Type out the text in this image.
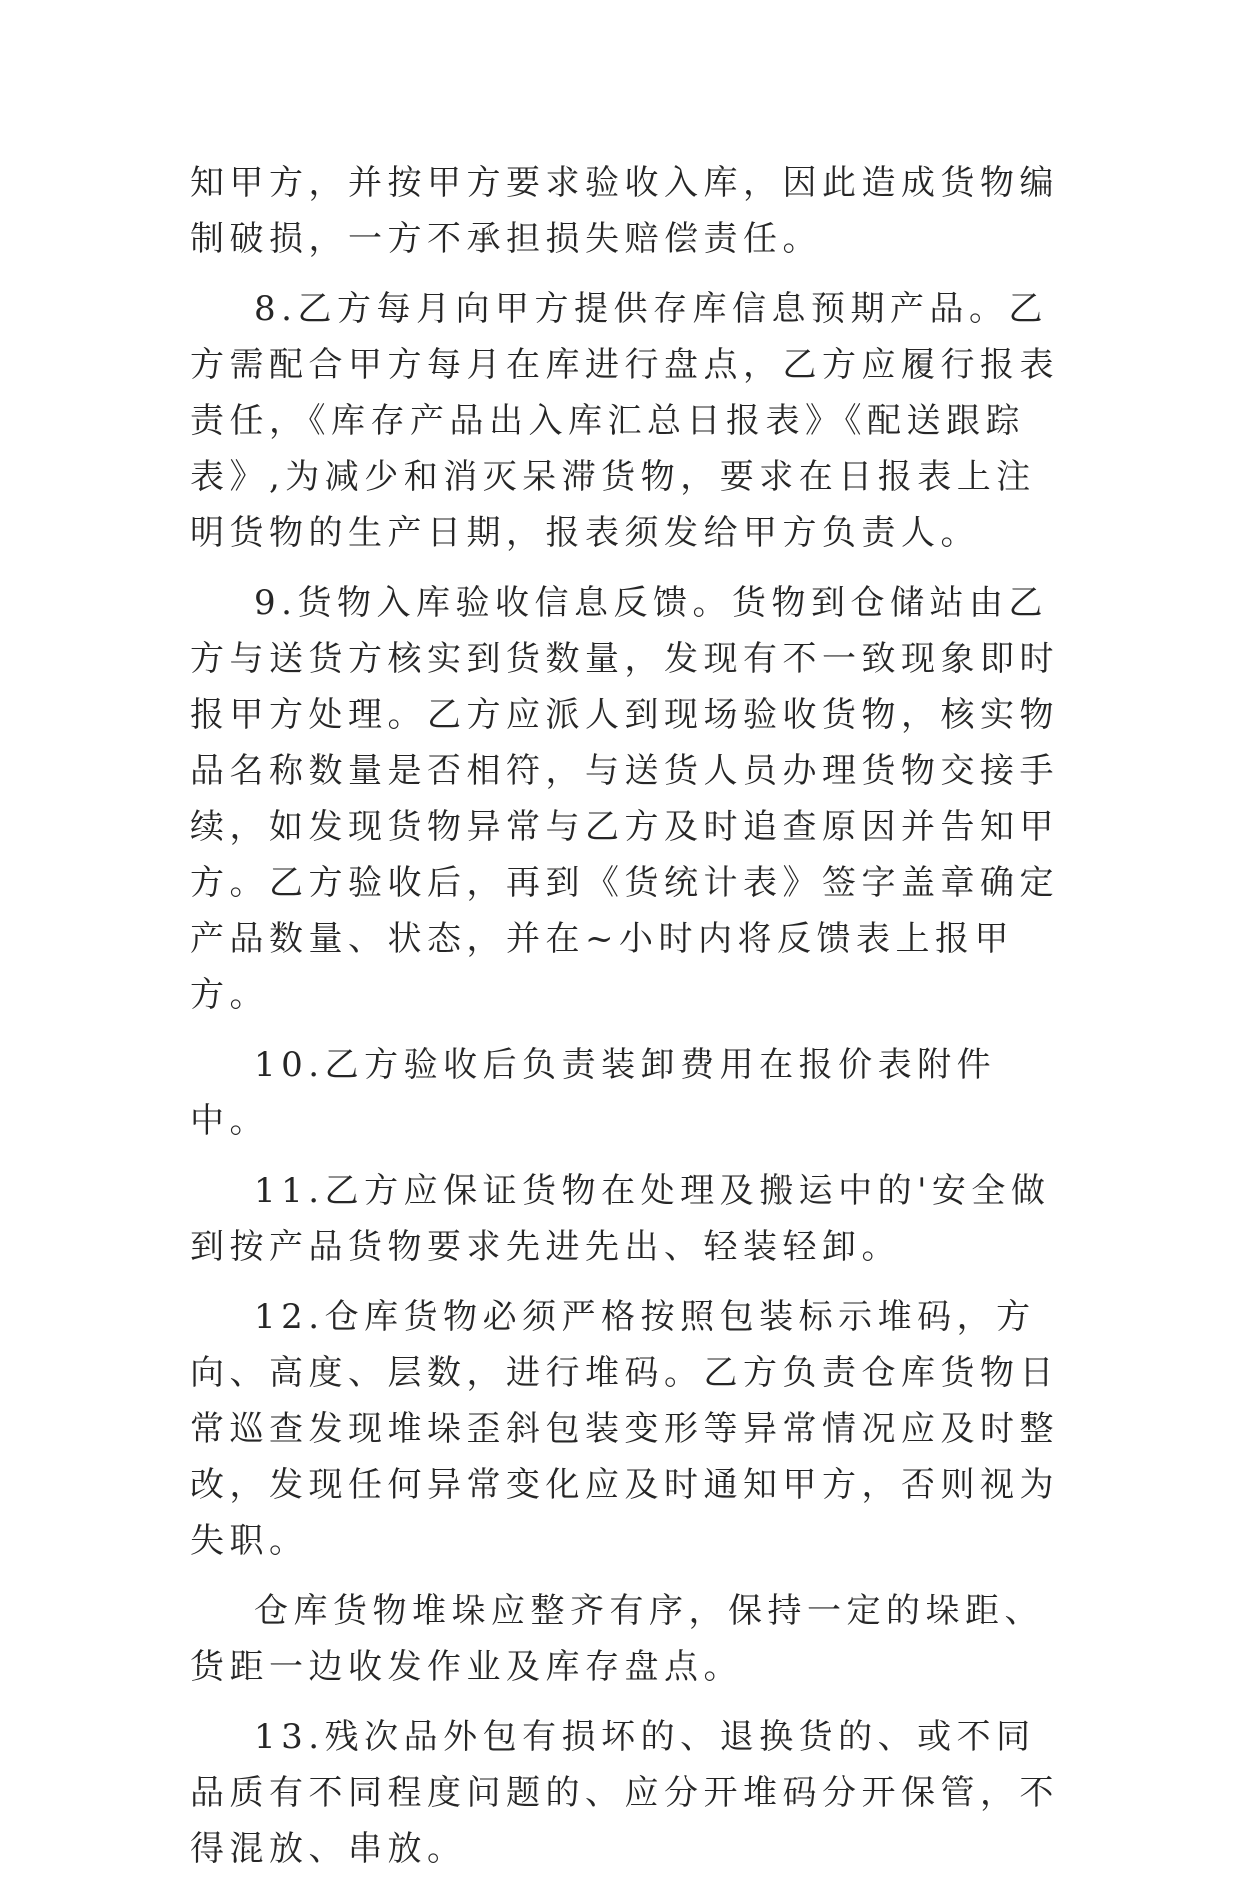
知甲方，并按甲方要求验收入库，因此造成货物编制破损，一方不承担损失赔偿责任。

8.乙方每月向甲方提供存库信息预期产品。乙方需配合甲方每月在库进行盘点，乙方应履行报表责任，《库存产品出入库汇总日报表》《配送跟踪表》,为减少和消灭呆滞货物，要求在日报表上注明货物的生产日期，报表须发给甲方负责人。

9.货物入库验收信息反馈。货物到仓储站由乙方与送货方核实到货数量，发现有不一致现象即时报甲方处理。乙方应派人到现场验收货物，核实物品名称数量是否相符，与送货人员办理货物交接手续，如发现货物异常与乙方及时追查原因并告知甲方。乙方验收后，再到《货统计表》签字盖章确定产品数量、状态，并在~小时内将反馈表上报甲方。

10.乙方验收后负责装卸费用在报价表附件中。

11.乙方应保证货物在处理及搬运中的'安全做到按产品货物要求先进先出、轻装轻卸。

12.仓库货物必须严格按照包装标示堆码，方向、高度、层数，进行堆码。乙方负责仓库货物日常巡查发现堆垛歪斜包装变形等异常情况应及时整改，发现任何异常变化应及时通知甲方，否则视为失职。

仓库货物堆垛应整齐有序，保持一定的垛距、货距一边收发作业及库存盘点。

13.残次品外包有损坏的、退换货的、或不同品质有不同程度问题的、应分开堆码分开保管，不得混放、串放。
